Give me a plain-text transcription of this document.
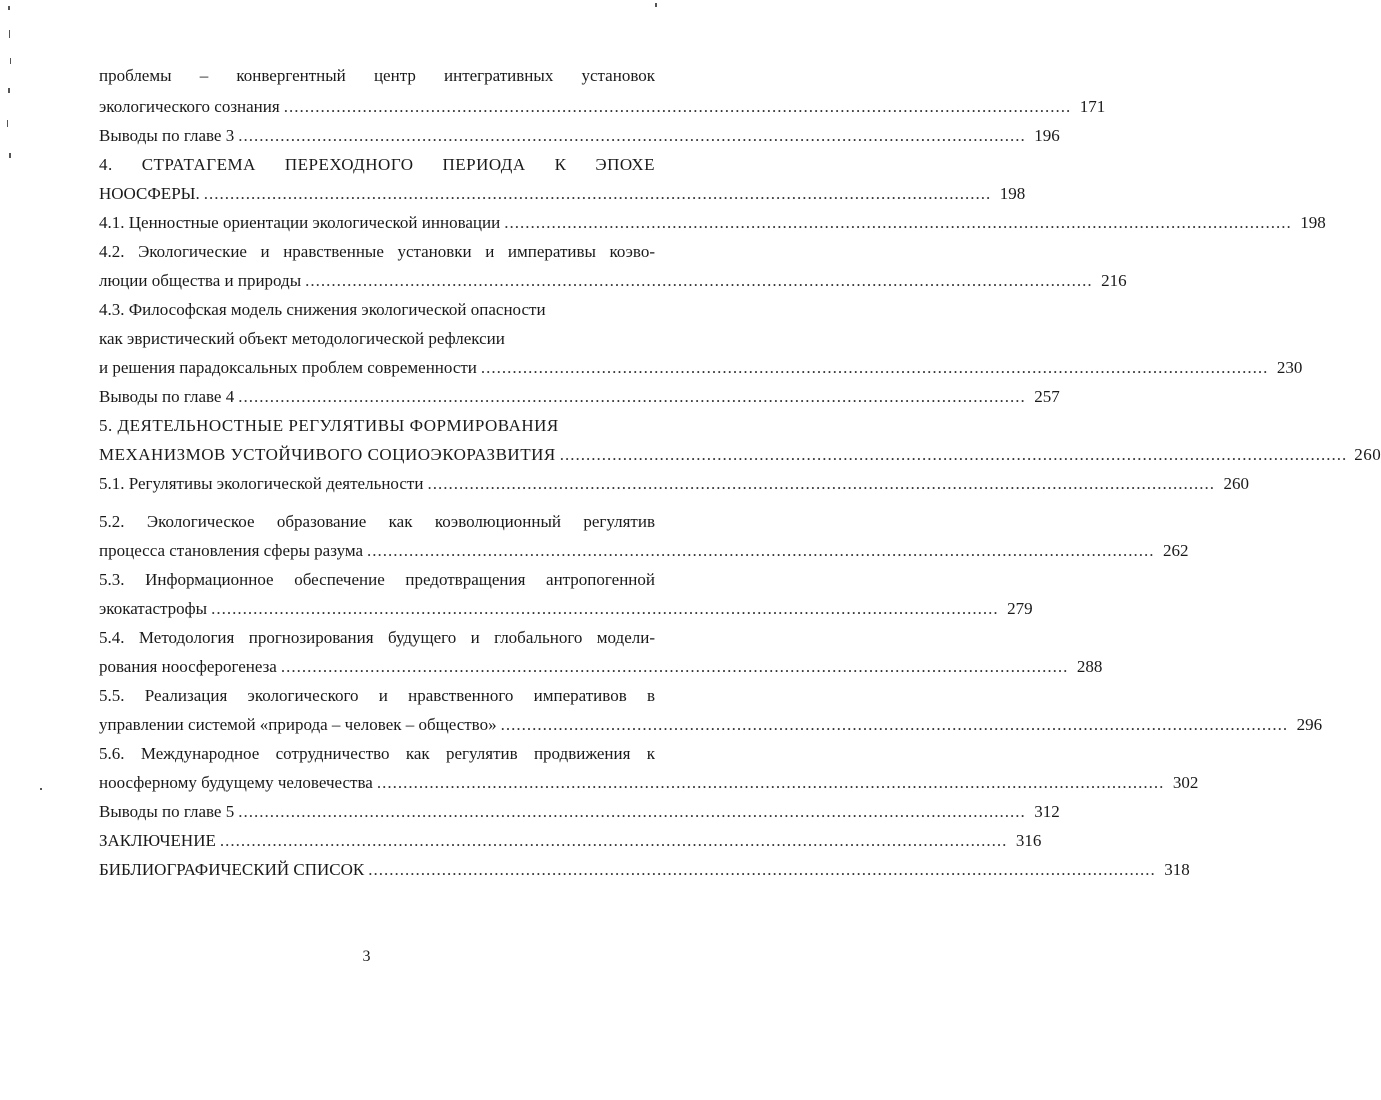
проблемы – конвергентный центр интегративных установок
экологического сознания ...................................................................................................................................................... 171
Выводы по главе 3 ...................................................................................................................................................... 196
4. СТРАТАГЕМА ПЕРЕХОДНОГО ПЕРИОДА К ЭПОХЕ
НООСФЕРЫ. ...................................................................................................................................................... 198
4.1. Ценностные ориентации экологической инновации ...................................................................................................................................................... 198
4.2. Экологические и нравственные установки и императивы коэво-
люции общества и природы ...................................................................................................................................................... 216
4.3. Философская модель снижения экологической опасности
как эвристический объект методологической рефлексии
и решения парадоксальных проблем современности ...................................................................................................................................................... 230
Выводы по главе 4 ...................................................................................................................................................... 257
5. ДЕЯТЕЛЬНОСТНЫЕ РЕГУЛЯТИВЫ ФОРМИРОВАНИЯ
МЕХАНИЗМОВ УСТОЙЧИВОГО СОЦИОЭКОРАЗВИТИЯ ...................................................................................................................................................... 260
5.1. Регулятивы экологической деятельности ...................................................................................................................................................... 260
5.2. Экологическое образование как коэволюционный регулятив
процесса становления сферы разума ...................................................................................................................................................... 262
5.3. Информационное обеспечение предотвращения антропогенной
экокатастрофы ...................................................................................................................................................... 279
5.4. Методология прогнозирования будущего и глобального модели-
рования ноосферогенеза ...................................................................................................................................................... 288
5.5. Реализация экологического и нравственного императивов в
управлении системой «природа – человек – общество» ...................................................................................................................................................... 296
5.6. Международное сотрудничество как регулятив продвижения к
ноосферному будущему человечества ...................................................................................................................................................... 302
Выводы по главе 5 ...................................................................................................................................................... 312
ЗАКЛЮЧЕНИЕ ...................................................................................................................................................... 316
БИБЛИОГРАФИЧЕСКИЙ СПИСОК ...................................................................................................................................................... 318
3
